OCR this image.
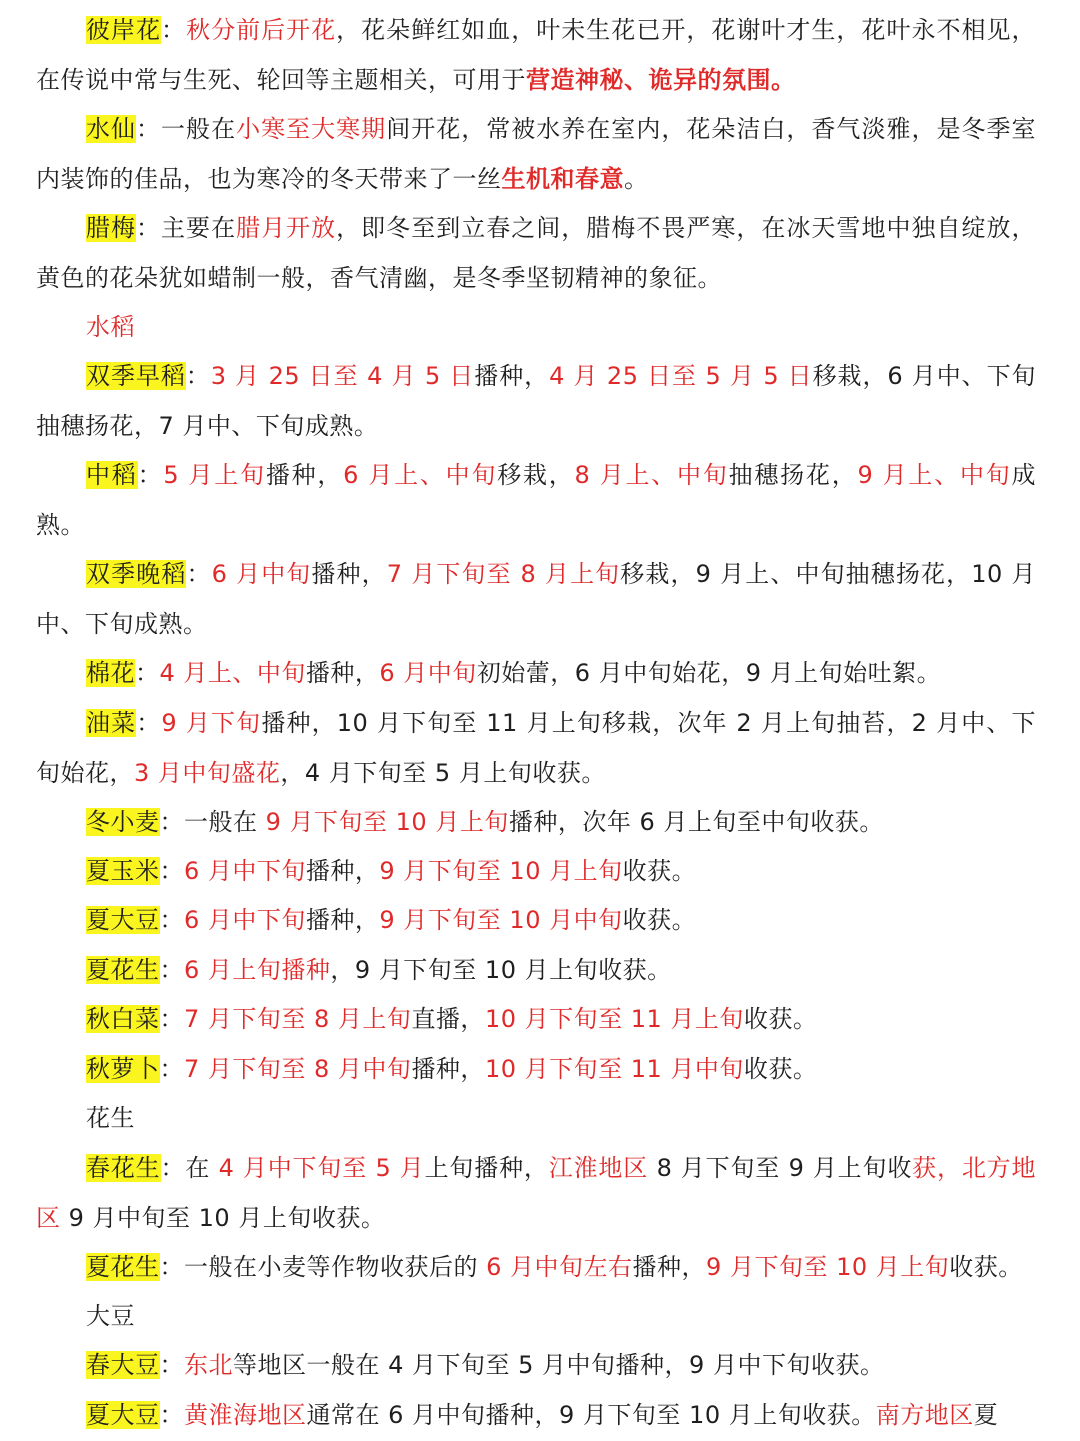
彼岸花：秋分前后开花，花朵鲜红如血，叶未生花已开，花谢叶才生，花叶永不相见，在传说中常与生死、轮回等主题相关，可用于营造神秘、诡异的氛围。

水仙：一般在小寒至大寒期间开花，常被水养在室内，花朵洁白，香气淡雅，是冬季室内装饰的佳品，也为寒冷的冬天带来了一丝生机和春意。

腊梅：主要在腊月开放，即冬至到立春之间，腊梅不畏严寒，在冰天雪地中独自绽放，黄色的花朵犹如蜡制一般，香气清幽，是冬季坚韧精神的象征。

水稻

双季早稻：3 月 25 日至 4 月 5 日播种，4 月 25 日至 5 月 5 日移栽，6 月中、下旬抽穗扬花，7 月中、下旬成熟。

中稻：5 月上旬播种，6 月上、中旬移栽，8 月上、中旬抽穗扬花，9 月上、中旬成熟。

双季晚稻：6 月中旬播种，7 月下旬至 8 月上旬移栽，9 月上、中旬抽穗扬花，10 月中、下旬成熟。

棉花：4 月上、中旬播种，6 月中旬初始蕾，6 月中旬始花，9 月上旬始吐絮。

油菜：9 月下旬播种，10 月下旬至 11 月上旬移栽，次年 2 月上旬抽苔，2 月中、下旬始花，3 月中旬盛花，4 月下旬至 5 月上旬收获。

冬小麦：一般在 9 月下旬至 10 月上旬播种，次年 6 月上旬至中旬收获。

夏玉米：6 月中下旬播种，9 月下旬至 10 月上旬收获。

夏大豆：6 月中下旬播种，9 月下旬至 10 月中旬收获。

夏花生：6 月上旬播种，9 月下旬至 10 月上旬收获。

秋白菜：7 月下旬至 8 月上旬直播，10 月下旬至 11 月上旬收获。

秋萝卜：7 月下旬至 8 月中旬播种，10 月下旬至 11 月中旬收获。

花生

春花生：在 4 月中下旬至 5 月上旬播种，江淮地区 8 月下旬至 9 月上旬收获，北方地区 9 月中旬至 10 月上旬收获。

夏花生：一般在小麦等作物收获后的 6 月中旬左右播种，9 月下旬至 10 月上旬收获。

大豆

春大豆：东北等地区一般在 4 月下旬至 5 月中旬播种，9 月中下旬收获。

夏大豆：黄淮海地区通常在 6 月中旬播种，9 月下旬至 10 月上旬收获。南方地区夏
